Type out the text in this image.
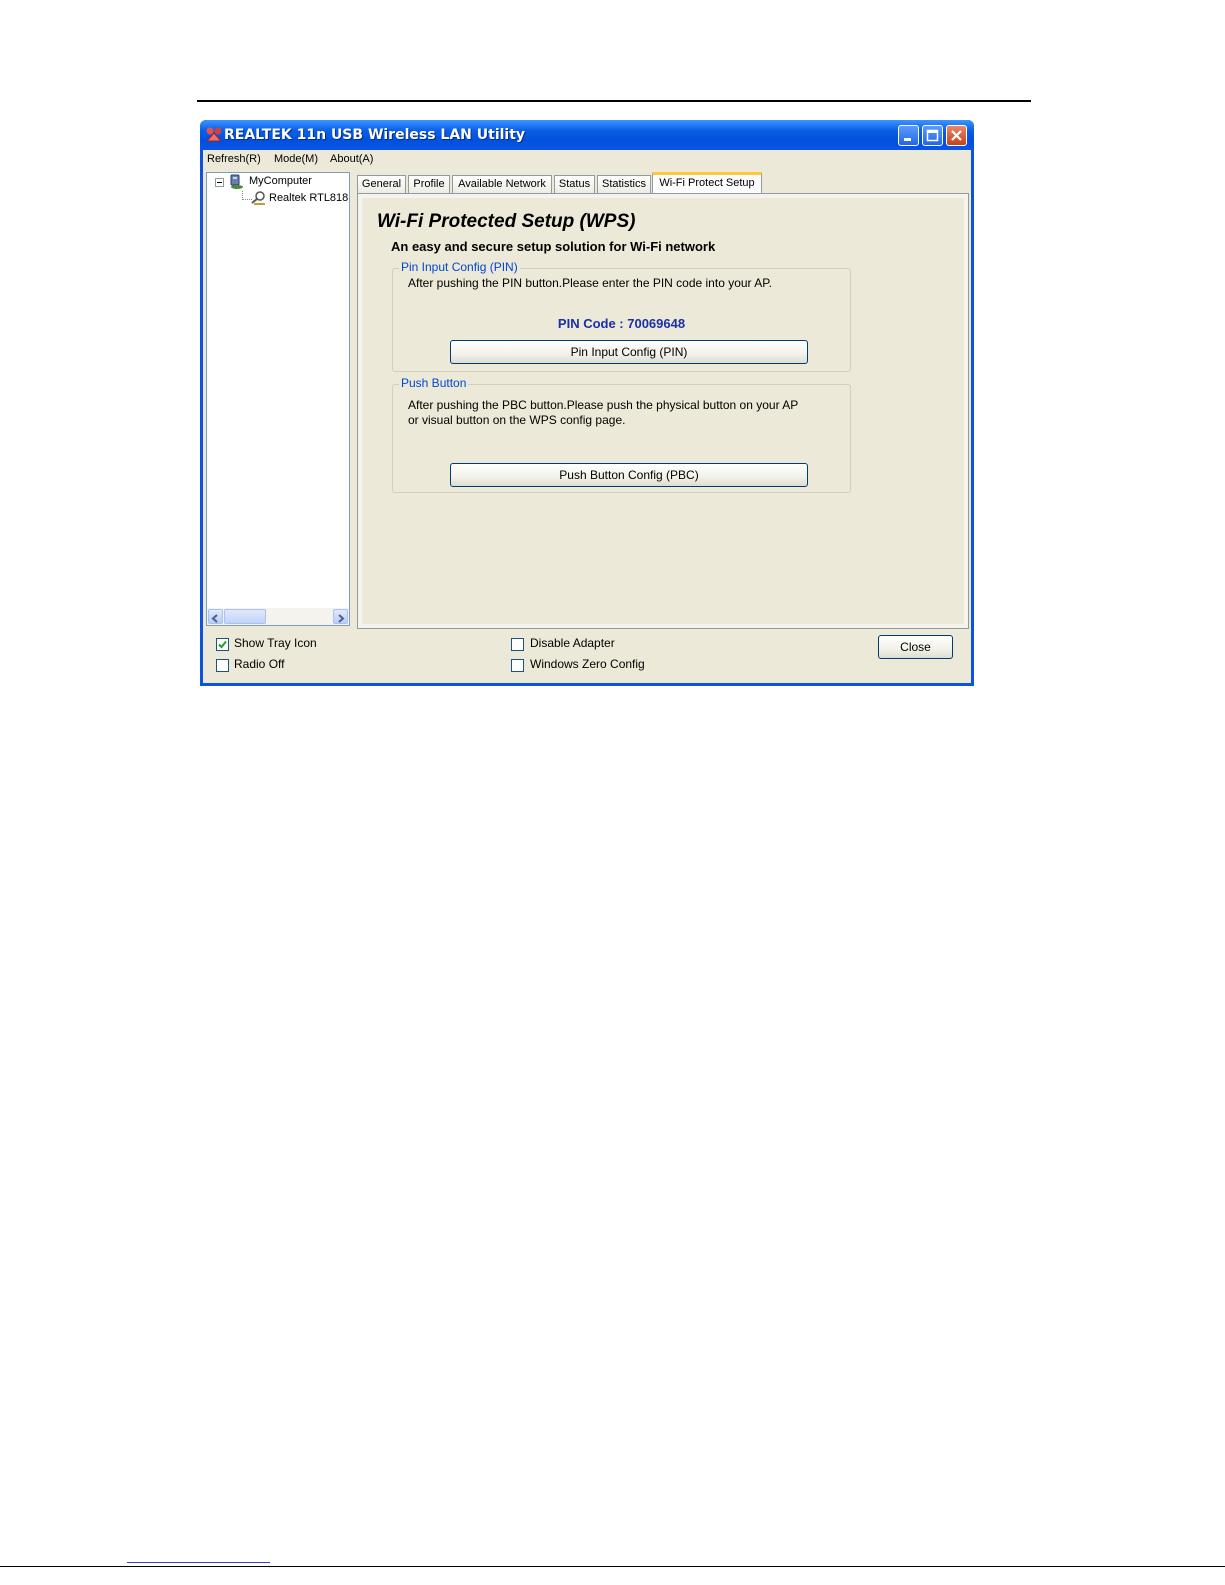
REALTEK 11n USB Wireless LAN Utility
Refresh(R) Mode(M) About(A)
MyComputer
Realtek RTL818
General	Profile	Available Network	Status	Statistics	Wi-Fi Protect Setup
Wi-Fi Protected Setup (WPS)
An easy and secure setup solution for Wi-Fi network
Pin Input Config (PIN)
After pushing the PIN button.Please enter the PIN code into your AP.
PIN Code : 70069648
Pin Input Config (PIN)
Push Button
After pushing the PBC button.Please push the physical button on your AP
or visual button on the WPS config page.
Push Button Config (PBC)
Show Tray Icon
Radio Off
Disable Adapter
Windows Zero Config
Close
